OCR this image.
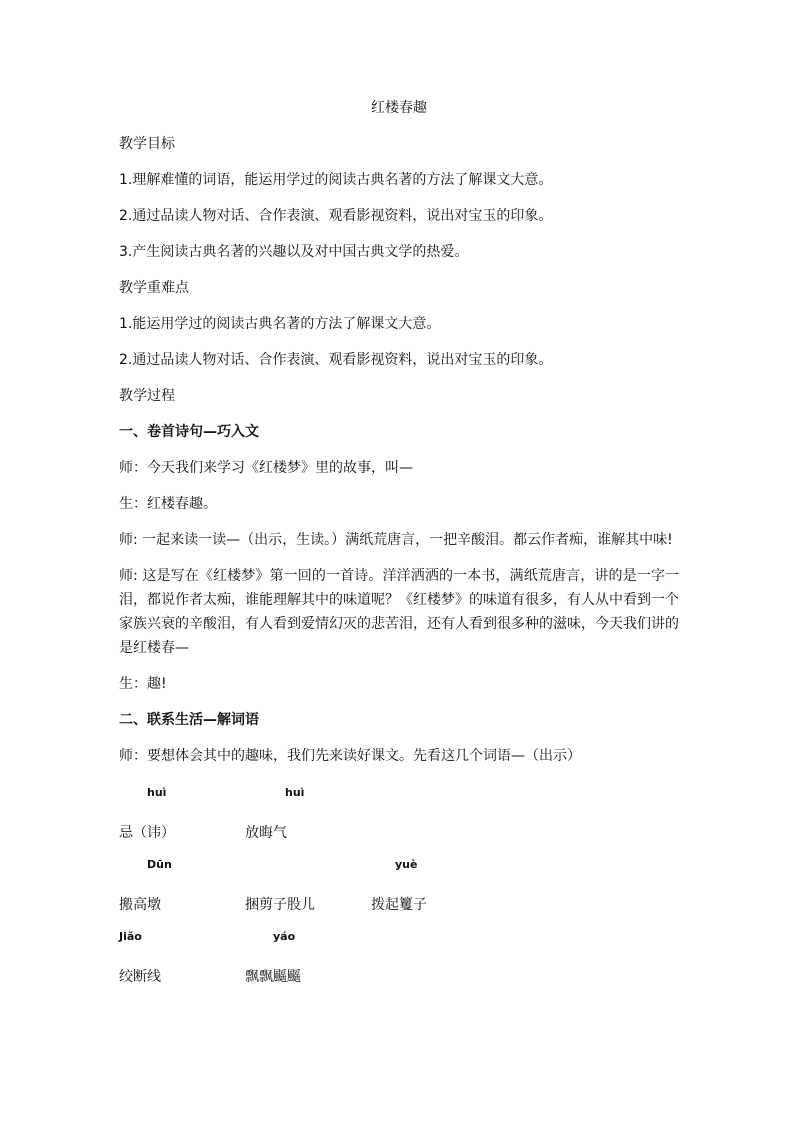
红楼春趣
教学目标
1.理解难懂的词语，能运用学过的阅读古典名著的方法了解课文大意。
2.通过品读人物对话、合作表演、观看影视资料，说出对宝玉的印象。
3.产生阅读古典名著的兴趣以及对中国古典文学的热爱。
教学重难点
1.能运用学过的阅读古典名著的方法了解课文大意。
2.通过品读人物对话、合作表演、观看影视资料，说出对宝玉的印象。
教学过程
一、卷首诗句—巧入文
师：今天我们来学习《红楼梦》里的故事，叫—
生：红楼春趣。
师: 一起来读一读—（出示，生读。）满纸荒唐言，一把辛酸泪。都云作者痴，谁解其中味!
师: 这是写在《红楼梦》第一回的一首诗。洋洋洒洒的一本书，满纸荒唐言，讲的是一字一泪，都说作者太痴，谁能理解其中的味道呢？《红楼梦》的味道有很多，有人从中看到一个家族兴衰的辛酸泪，有人看到爱情幻灭的悲苦泪，还有人看到很多种的滋味，今天我们讲的是红楼春—
生：趣!
二、联系生活—解词语
师：要想体会其中的趣味，我们先来读好课文。先看这几个词语—（出示）
huì	huì
忌（讳）	放晦气
Dūn	yuè
搬高墩	捆剪子股儿	拨起籰子
Jiǎo	yáo
绞断线	飘飘䬙䬙
